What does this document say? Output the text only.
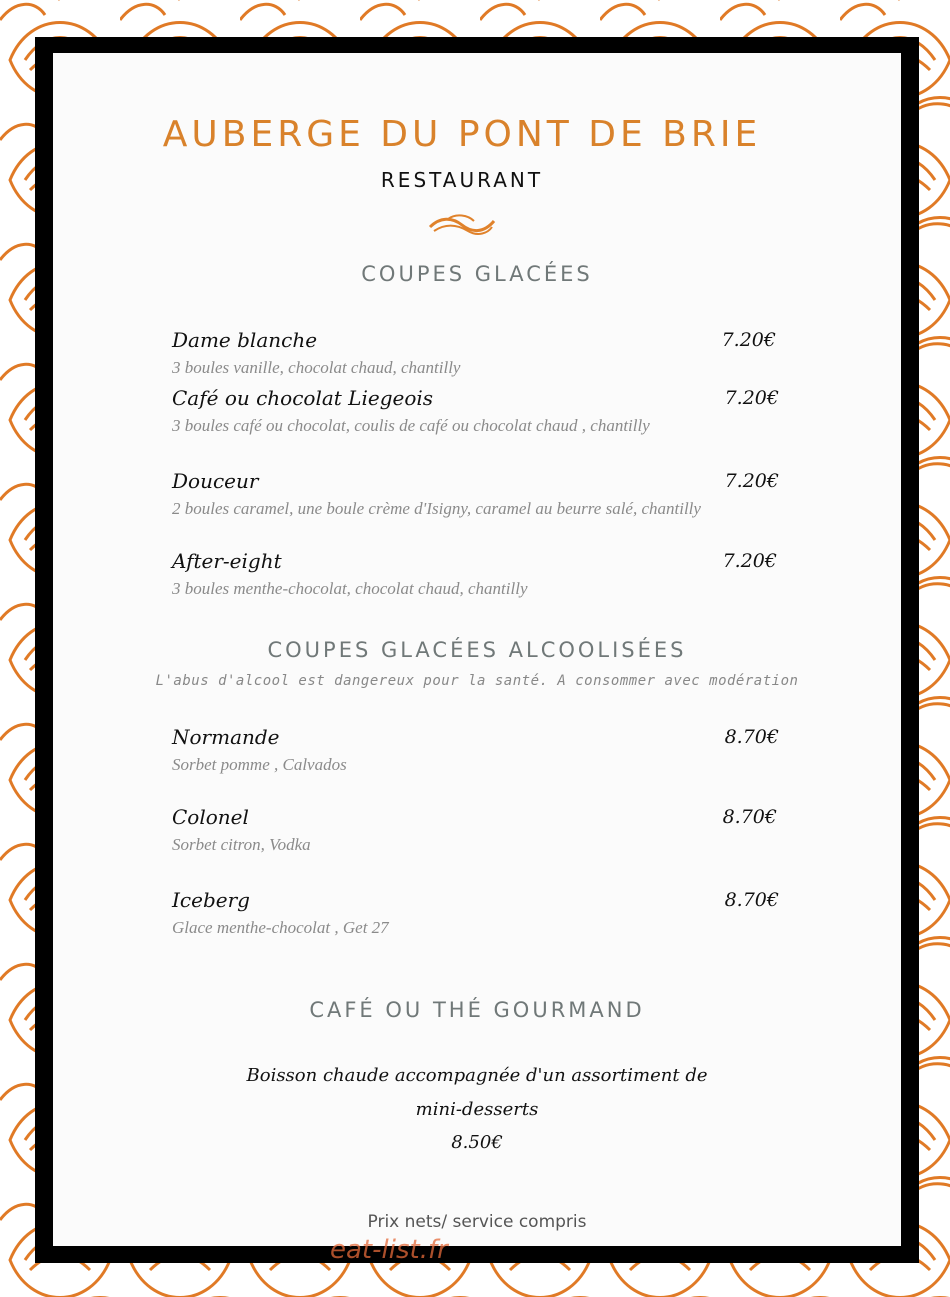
AUBERGE DU PONT DE BRIE
RESTAURANT
COUPES GLACÉES
Dame blanche	7.20€
3 boules vanille, chocolat chaud, chantilly
Café ou chocolat Liegeois	7.20€
3 boules café ou chocolat, coulis de café ou chocolat chaud , chantilly
Douceur	7.20€
2 boules caramel, une boule crème d'Isigny, caramel au beurre salé, chantilly
After-eight	7.20€
3 boules menthe-chocolat, chocolat chaud, chantilly
COUPES GLACÉES ALCOOLISÉES
L'abus d'alcool est dangereux pour la santé. A consommer avec modération
Normande	8.70€
Sorbet pomme , Calvados
Colonel	8.70€
Sorbet citron, Vodka
Iceberg	8.70€
Glace menthe-chocolat , Get 27
CAFÉ OU THÉ GOURMAND
Boisson chaude accompagnée d'un assortiment de
mini-desserts
8.50€
Prix nets/ service compris
eat-list.fr
